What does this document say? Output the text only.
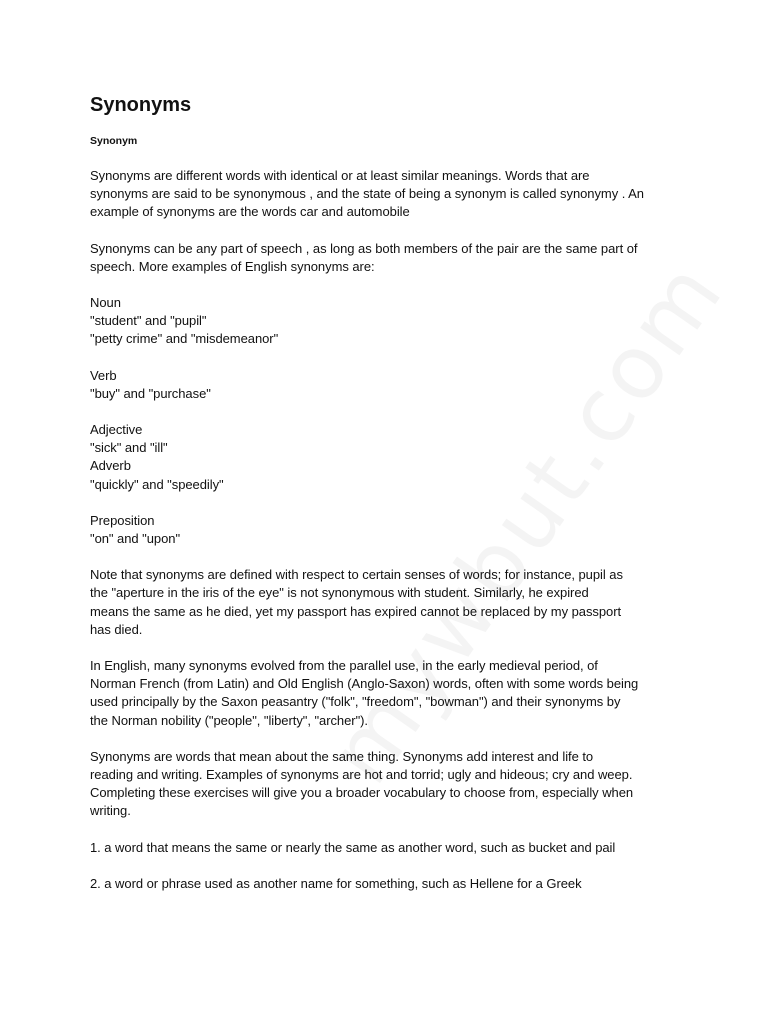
Synonyms
Synonym
Synonyms are different words with identical or at least similar meanings. Words that are
synonyms are said to be synonymous , and the state of being a synonym is called synonymy . An
example of synonyms are the words car and automobile
Synonyms can be any part of speech , as long as both members of the pair are the same part of
speech. More examples of English synonyms are:
Noun
"student" and "pupil"
"petty crime" and "misdemeanor"
Verb
"buy" and "purchase"
Adjective
"sick" and "ill"
Adverb
"quickly" and "speedily"
Preposition
"on" and "upon"
Note that synonyms are defined with respect to certain senses of words; for instance, pupil as
the "aperture in the iris of the eye" is not synonymous with student. Similarly, he expired
means the same as he died, yet my passport has expired cannot be replaced by my passport
has died.
In English, many synonyms evolved from the parallel use, in the early medieval period, of
Norman French (from Latin) and Old English (Anglo-Saxon) words, often with some words being
used principally by the Saxon peasantry ("folk", "freedom", "bowman") and their synonyms by
the Norman nobility ("people", "liberty", "archer").
Synonyms are words that mean about the same thing. Synonyms add interest and life to
reading and writing. Examples of synonyms are hot and torrid; ugly and hideous; cry and weep.
Completing these exercises will give you a broader vocabulary to choose from, especially when
writing.
1. a word that means the same or nearly the same as another word, such as bucket and pail
2. a word or phrase used as another name for something, such as Hellene for a Greek
